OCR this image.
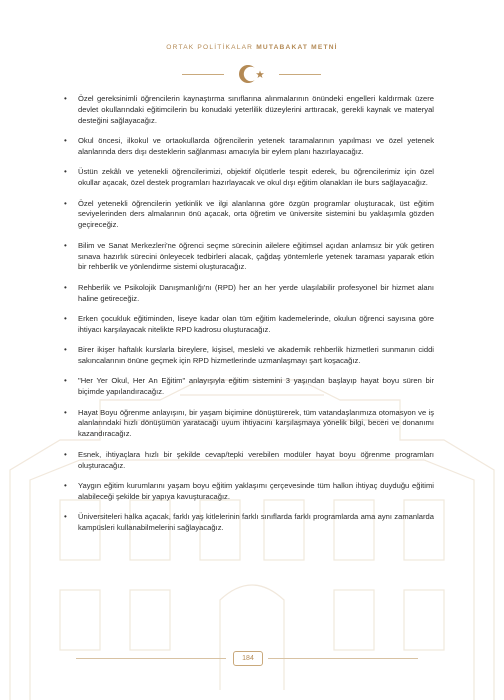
ORTAK POLİTİKALAR MUTABAKAT METNİ
• Özel gereksinimli öğrencilerin kaynaştırma sınıflarına alınmalarının önündeki engelleri kaldırmak üzere devlet okullarındaki eğitimcilerin bu konudaki yeterlilik düzeylerini arttıracak, gerekli kaynak ve materyal desteğini sağlayacağız.
• Okul öncesi, ilkokul ve ortaokullarda öğrencilerin yetenek taramalarının yapılması ve özel yetenek alanlarında ders dışı desteklerin sağlanması amacıyla bir eylem planı hazırlayacağız.
• Üstün zekâlı ve yetenekli öğrencilerimizi, objektif ölçütlerle tespit ederek, bu öğrencilerimiz için özel okullar açacak, özel destek programları hazırlayacak ve okul dışı eğitim olanakları ile burs sağlayacağız.
• Özel yetenekli öğrencilerin yetkinlik ve ilgi alanlarına göre özgün programlar oluşturacak, üst eğitim seviyelerinden ders almalarının önü açacak, orta öğretim ve üniversite sistemini bu yaklaşımla gözden geçireceğiz.
• Bilim ve Sanat Merkezleri'ne öğrenci seçme sürecinin ailelere eğitimsel açıdan anlamsız bir yük getiren sınava hazırlık sürecini önleyecek tedbirleri alacak, çağdaş yöntemlerle yetenek taraması yaparak etkin bir rehberlik ve yönlendirme sistemi oluşturacağız.
• Rehberlik ve Psikolojik Danışmanlığı'nı (RPD) her an her yerde ulaşılabilir profesyonel bir hizmet alanı haline getireceğiz.
• Erken çocukluk eğitiminden, liseye kadar olan tüm eğitim kademelerinde, okulun öğrenci sayısına göre ihtiyacı karşılayacak nitelikte RPD kadrosu oluşturacağız.
• Birer ikişer haftalık kurslarla bireylere, kişisel, mesleki ve akademik rehberlik hizmetleri sunmanın ciddi sakıncalarının önüne geçmek için RPD hizmetlerinde uzmanlaşmayı şart koşacağız.
• "Her Yer Okul, Her An Eğitim" anlayışıyla eğitim sistemini 3 yaşından başlayıp hayat boyu süren bir biçimde yapılandıracağız.
• Hayat Boyu öğrenme anlayışını, bir yaşam biçimine dönüştürerek, tüm vatandaşlarımıza otomasyon ve iş alanlarındaki hızlı dönüşümün yaratacağı uyum ihtiyacını karşılaşmaya yönelik bilgi, beceri ve donanımı kazandıracağız.
• Esnek, ihtiyaçlara hızlı bir şekilde cevap/tepki verebilen modüler hayat boyu öğrenme programları oluşturacağız.
• Yaygın eğitim kurumlarını yaşam boyu eğitim yaklaşımı çerçevesinde tüm halkın ihtiyaç duyduğu eğitimi alabileceği şekilde bir yapıya kavuşturacağız.
• Üniversiteleri halka açacak, farklı yaş kitlelerinin farklı sınıflarda farklı programlarda ama aynı zamanlarda kampüsleri kullanabilmelerini sağlayacağız.
184
